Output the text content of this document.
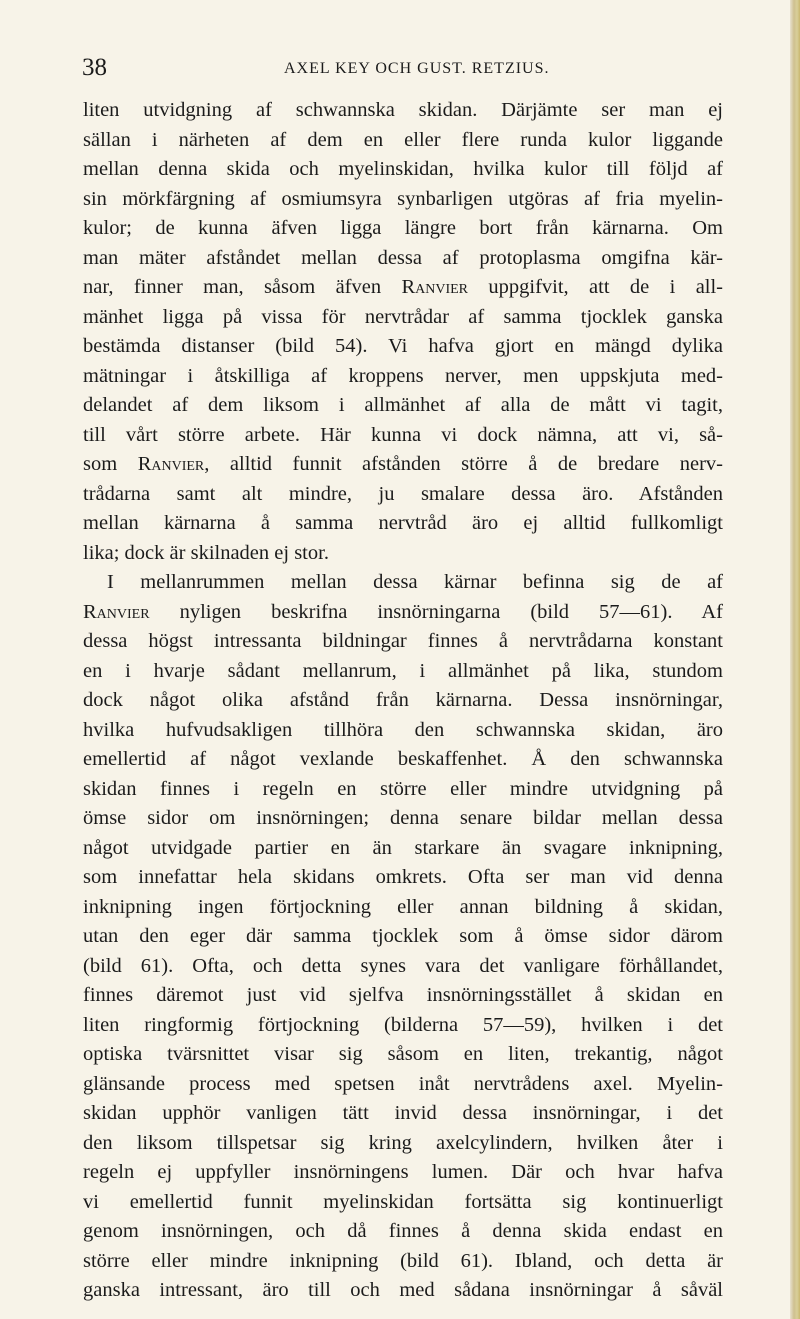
38	AXEL KEY OCH GUST. RETZIUS.
liten utvidgning af schwannska skidan. Därjämte ser man ej
sällan i närheten af dem en eller flere runda kulor liggande
mellan denna skida och myelinskidan, hvilka kulor till följd af
sin mörkfärgning af osmiumsyra synbarligen utgöras af fria myelin-
kulor; de kunna äfven ligga längre bort från kärnarna. Om
man mäter afståndet mellan dessa af protoplasma omgifna kär-
nar, finner man, såsom äfven Ranvier uppgifvit, att de i all-
mänhet ligga på vissa för nervtrådar af samma tjocklek ganska
bestämda distanser (bild 54). Vi hafva gjort en mängd dylika
mätningar i åtskilliga af kroppens nerver, men uppskjuta med-
delandet af dem liksom i allmänhet af alla de mått vi tagit,
till vårt större arbete. Här kunna vi dock nämna, att vi, så-
som Ranvier, alltid funnit afstånden större å de bredare nerv-
trådarna samt alt mindre, ju smalare dessa äro. Afstånden
mellan kärnarna å samma nervtråd äro ej alltid fullkomligt
lika; dock är skilnaden ej stor.
I mellanrummen mellan dessa kärnar befinna sig de af
Ranvier nyligen beskrifna insnörningarna (bild 57—61). Af
dessa högst intressanta bildningar finnes å nervtrådarna konstant
en i hvarje sådant mellanrum, i allmänhet på lika, stundom
dock något olika afstånd från kärnarna. Dessa insnörningar,
hvilka hufvudsakligen tillhöra den schwannska skidan, äro
emellertid af något vexlande beskaffenhet. Å den schwannska
skidan finnes i regeln en större eller mindre utvidgning på
ömse sidor om insnörningen; denna senare bildar mellan dessa
något utvidgade partier en än starkare än svagare inknipning,
som innefattar hela skidans omkrets. Ofta ser man vid denna
inknipning ingen förtjockning eller annan bildning å skidan,
utan den eger där samma tjocklek som å ömse sidor därom
(bild 61). Ofta, och detta synes vara det vanligare förhållandet,
finnes däremot just vid sjelfva insnörningsstället å skidan en
liten ringformig förtjockning (bilderna 57—59), hvilken i det
optiska tvärsnittet visar sig såsom en liten, trekantig, något
glänsande process med spetsen inåt nervtrådens axel. Myelin-
skidan upphör vanligen tätt invid dessa insnörningar, i det
den liksom tillspetsar sig kring axelcylindern, hvilken åter i
regeln ej uppfyller insnörningens lumen. Där och hvar hafva
vi emellertid funnit myelinskidan fortsätta sig kontinuerligt
genom insnörningen, och då finnes å denna skida endast en
större eller mindre inknipning (bild 61). Ibland, och detta är
ganska intressant, äro till och med sådana insnörningar å såväl
